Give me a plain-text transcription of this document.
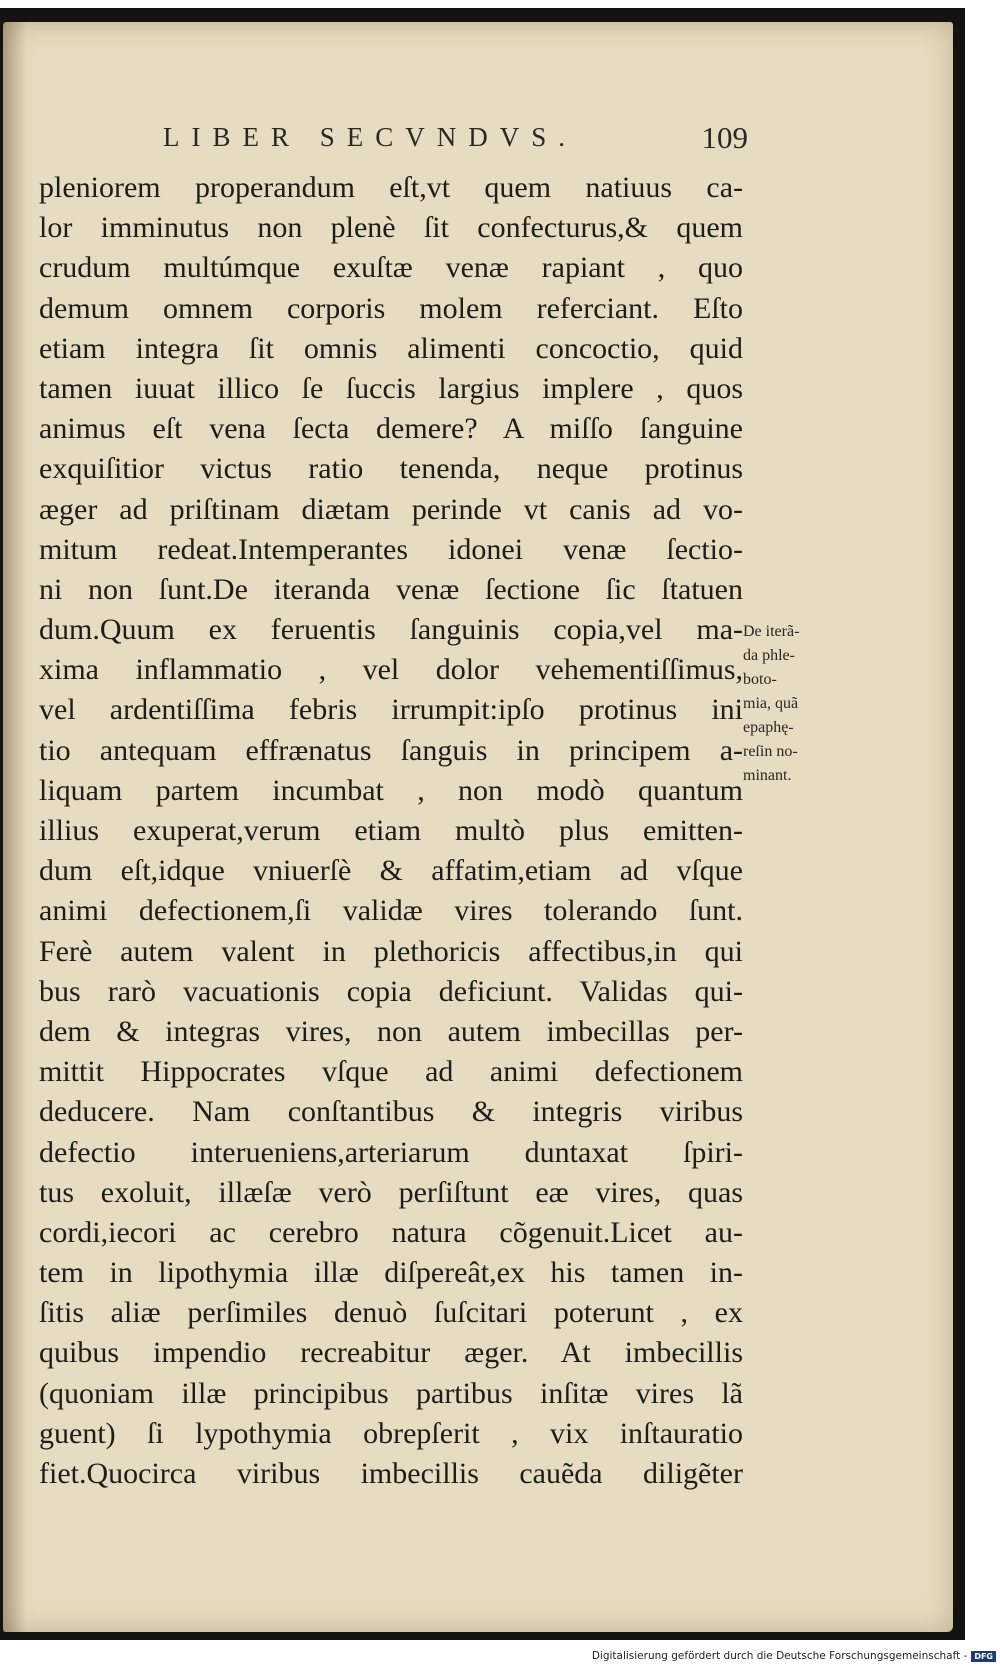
LIBER SECVNDVS.	109
pleniorem properandum eſt,vt quem natiuus ca-
lor imminutus non plenè ſit confecturus,& quem
crudum multúmque exuſtæ venæ rapiant , quo
demum omnem corporis molem referciant. Eſto
etiam integra ſit omnis alimenti concoctio, quid
tamen iuuat illico ſe ſuccis largius implere , quos
animus eſt vena ſecta demere? A miſſo ſanguine
exquiſitior victus ratio tenenda, neque protinus
æger ad priſtinam diætam perinde vt canis ad vo-
mitum redeat.Intemperantes idonei venæ ſectio-
ni non ſunt.De iteranda venæ ſectione ſic ſtatuen
dum.Quum ex feruentis ſanguinis copia,vel ma-
xima inflammatio , vel dolor vehementiſſimus,
vel ardentiſſima febris irrumpit:ipſo protinus ini
tio antequam effrænatus ſanguis in principem a-
liquam partem incumbat , non modò quantum
illius exuperat,verum etiam multò plus emitten-
dum eſt,idque vniuerſè & affatim,etiam ad vſque
animi defectionem,ſi validæ vires tolerando ſunt.
Ferè autem valent in plethoricis affectibus,in qui
bus rarò vacuationis copia deficiunt. Validas qui-
dem & integras vires, non autem imbecillas per-
mittit Hippocrates vſque ad animi defectionem
deducere. Nam conſtantibus & integris viribus
defectio interueniens,arteriarum duntaxat ſpiri-
tus exoluit, illæſæ verò perſiſtunt eæ vires, quas
cordi,iecori ac cerebro natura cõgenuit.Licet au-
tem in lipothymia illæ diſpereât,ex his tamen in-
ſitis aliæ perſimiles denuò ſuſcitari poterunt , ex
quibus impendio recreabitur æger. At imbecillis
(quoniam illæ principibus partibus inſitæ vires lã
guent) ſi lypothymia obrepſerit , vix inſtauratio
fiet.Quocirca viribus imbecillis cauẽda diligẽter
De iterã-
da phle-
boto-
mia, quã
epaphę-
reſin no-
minant.
Digitalisierung gefördert durch die Deutsche Forschungsgemeinschaft - DFG
